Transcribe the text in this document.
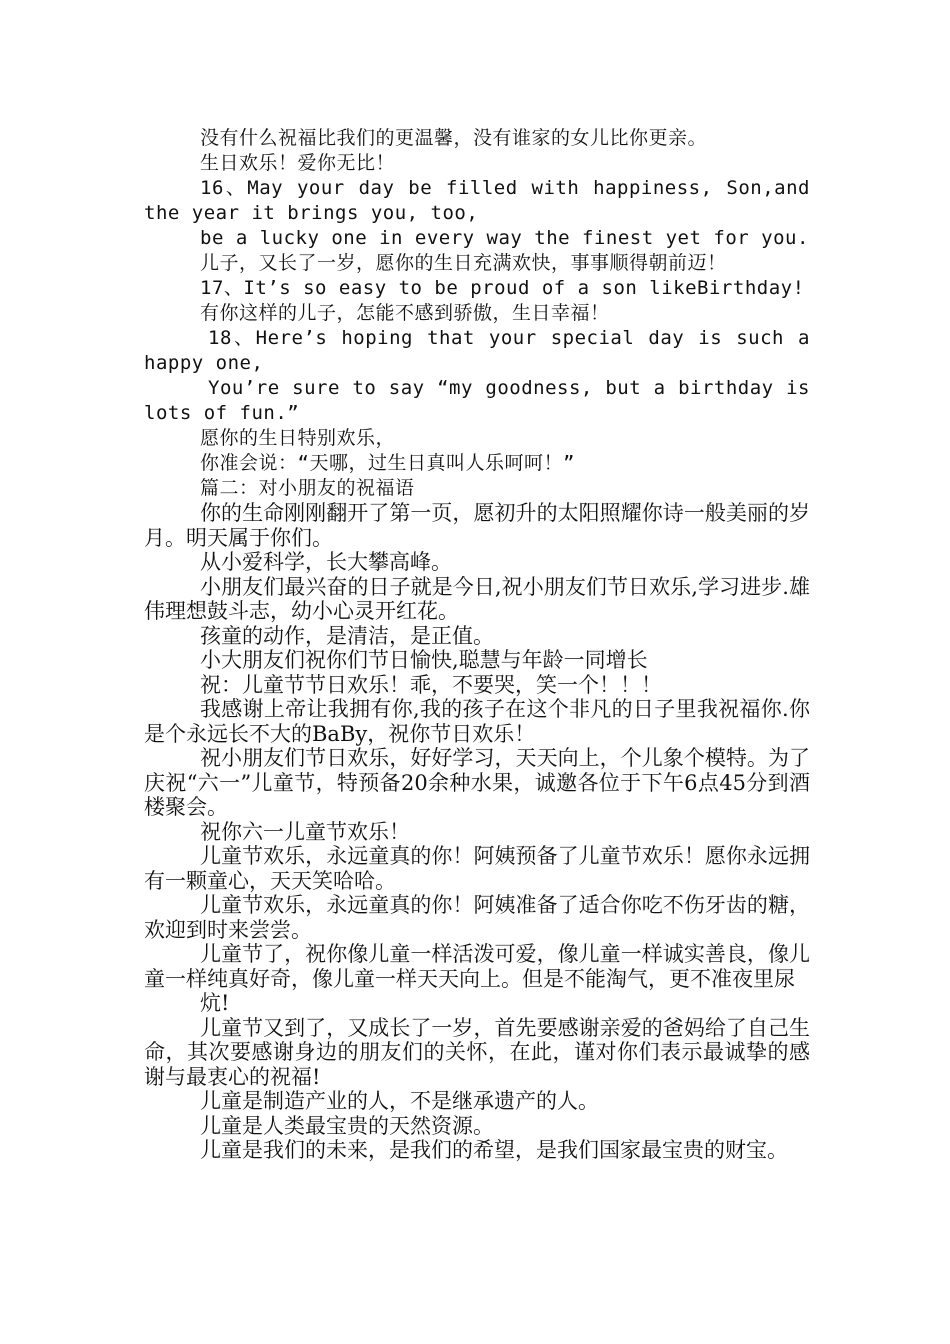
没有什么祝福比我们的更温馨，没有谁家的女儿比你更亲。

生日欢乐！爱你无比！

16、May your day be filled with happiness, Son,and the year it brings you, too,

be a lucky one in every way the finest yet for you.

儿子，又长了一岁，愿你的生日充满欢快，事事顺得朝前迈！

17、It’s so easy to be proud of a son likeBirthday!

有你这样的儿子，怎能不感到骄傲，生日幸福！

18、Here’s hoping that your special day is such a happy one,

You’re sure to say “my goodness, but a birthday is lots of fun.”

愿你的生日特别欢乐，

你准会说：“天哪，过生日真叫人乐呵呵！”

篇二：对小朋友的祝福语

你的生命刚刚翻开了第一页，愿初升的太阳照耀你诗一般美丽的岁月。明天属于你们。

从小爱科学，长大攀高峰。

小朋友们最兴奋的日子就是今日,祝小朋友们节日欢乐,学习进步.雄伟理想鼓斗志，幼小心灵开红花。

孩童的动作，是清洁，是正值。

小大朋友们祝你们节日愉快,聪慧与年龄一同增长

祝：儿童节节日欢乐！乖，不要哭，笑一个！！！

我感谢上帝让我拥有你,我的孩子在这个非凡的日子里我祝福你.你是个永远长不大的BaBy，祝你节日欢乐！

祝小朋友们节日欢乐，好好学习，天天向上，个儿象个模特。为了庆祝“六一”儿童节，特预备20余种水果，诚邀各位于下午6点45分到酒楼聚会。

祝你六一儿童节欢乐！

儿童节欢乐，永远童真的你！阿姨预备了儿童节欢乐！愿你永远拥有一颗童心，天天笑哈哈。

儿童节欢乐，永远童真的你！阿姨准备了适合你吃不伤牙齿的糖，欢迎到时来尝尝。

儿童节了，祝你像儿童一样活泼可爱，像儿童一样诚实善良，像儿童一样纯真好奇，像儿童一样天天向上。但是不能淘气，更不准夜里尿

炕!

儿童节又到了，又成长了一岁，首先要感谢亲爱的爸妈给了自己生命，其次要感谢身边的朋友们的关怀，在此，谨对你们表示最诚挚的感谢与最衷心的祝福!

儿童是制造产业的人，不是继承遗产的人。

儿童是人类最宝贵的天然资源。

儿童是我们的未来，是我们的希望，是我们国家最宝贵的财宝。
